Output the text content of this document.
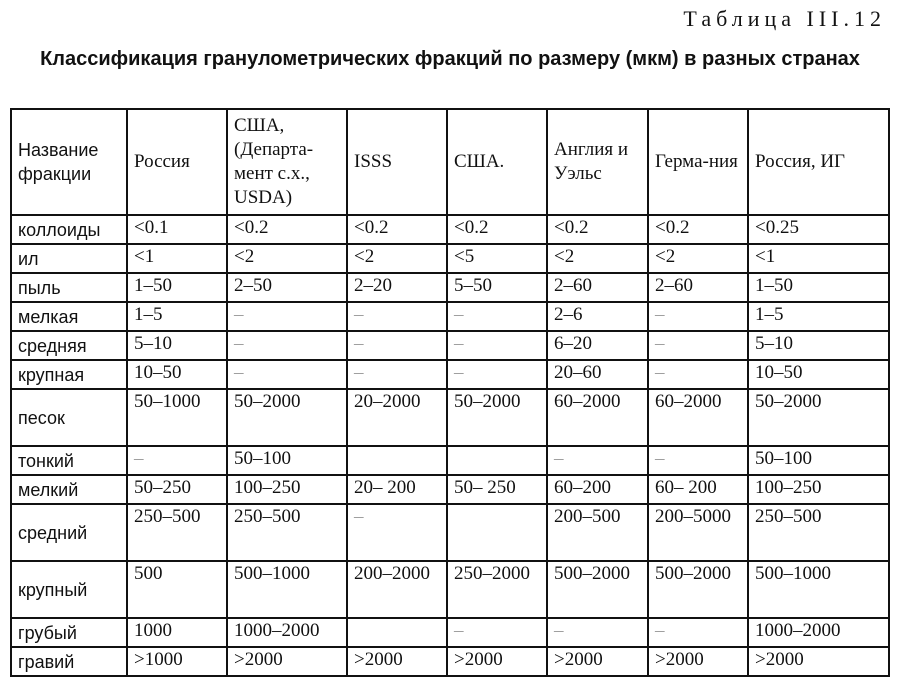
Таблица III.12
Классификация гранулометрических фракций по размеру (мкм) в разных странах
Название фракции	Россия	США, (Департа-мент с.х., USDA)	ISSS	США.	Англия и Уэльс	Герма-ния	Россия, ИГ
коллоиды	<0.1	<0.2	<0.2	<0.2	<0.2	<0.2	<0.25
ил	<1	<2	<2	<5	<2	<2	<1
пыль	1–50	2–50	2–20	5–50	2–60	2–60	1–50
мелкая	1–5	–	–	–	2–6	–	1–5
средняя	5–10	–	–	–	6–20	–	5–10
крупная	10–50	–	–	–	20–60	–	10–50
песок	50–1000	50–2000	20–2000	50–2000	60–2000	60–2000	50–2000
тонкий	–	50–100			–	–	50–100
мелкий	50–250	100–250	20– 200	50– 250	60–200	60– 200	100–250
средний	250–500	250–500	–		200–500	200–5000	250–500
крупный	500	500–1000	200–2000	250–2000	500–2000	500–2000	500–1000
грубый	1000	1000–2000		–	–	–	1000–2000
гравий	>1000	>2000	>2000	>2000	>2000	>2000	>2000
